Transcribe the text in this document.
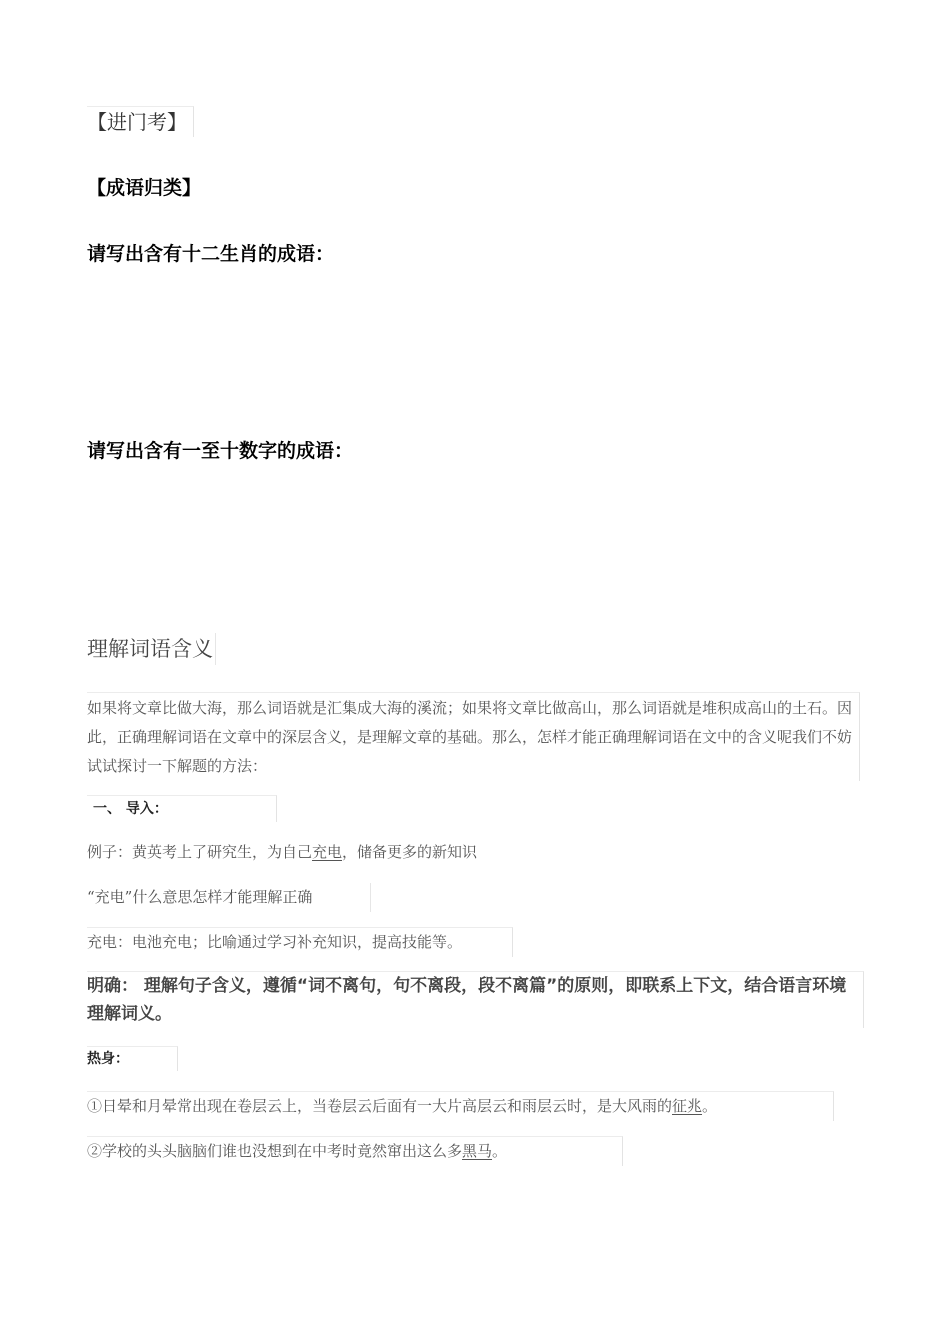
【进门考】
【成语归类】
请写出含有十二生肖的成语：
请写出含有一至十数字的成语：
理解词语含义
如果将文章比做大海，那么词语就是汇集成大海的溪流；如果将文章比做高山，那么词语就是堆积成高山的土石。因此，正确理解词语在文章中的深层含义，是理解文章的基础。那么，怎样才能正确理解词语在文中的含义呢我们不妨试试探讨一下解题的方法：
一、 导入：
例子：黄英考上了研究生，为自己充电，储备更多的新知识
“充电”什么意思怎样才能理解正确
充电：电池充电；比喻通过学习补充知识，提高技能等。
明确： 理解句子含义，遵循“词不离句，句不离段，段不离篇”的原则，即联系上下文，结合语言环境理解词义。
热身：
①日晕和月晕常出现在卷层云上，当卷层云后面有一大片高层云和雨层云时，是大风雨的征兆。
②学校的头头脑脑们谁也没想到在中考时竟然窜出这么多黑马。
